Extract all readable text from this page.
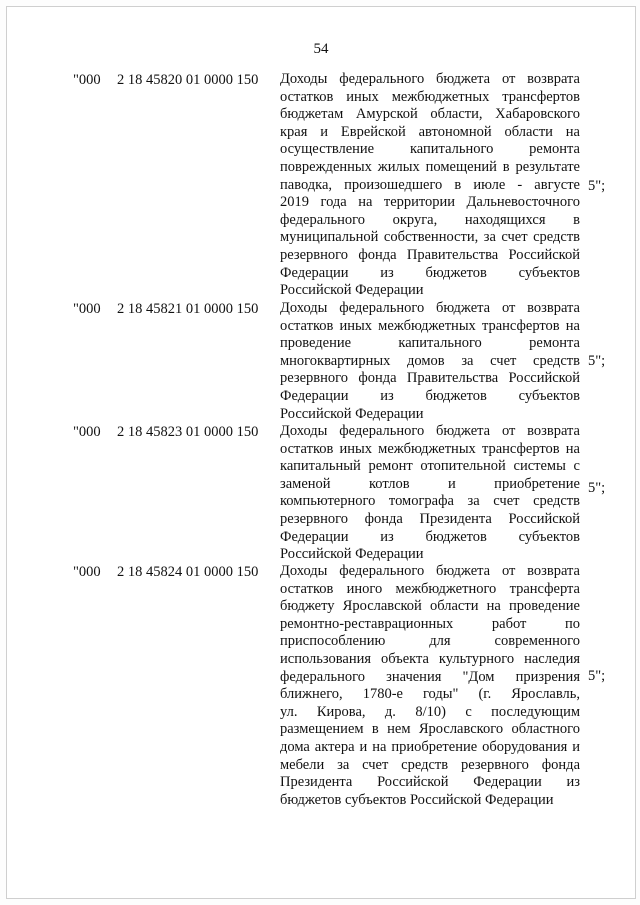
54
"000	2 18 45820 01 0000 150	Доходы федерального бюджета от возврата
остатков иных межбюджетных трансфертов
бюджетам Амурской области, Хабаровского
края и Еврейской автономной области на
осуществление капитального ремонта
поврежденных жилых помещений в результате
паводка, произошедшего в июле - августе
2019 года на территории Дальневосточного
федерального округа, находящихся в
муниципальной собственности, за счет средств
резервного фонда Правительства Российской
Федерации из бюджетов субъектов
Российской Федерации
5";
"000	2 18 45821 01 0000 150	Доходы федерального бюджета от возврата
остатков иных межбюджетных трансфертов на
проведение капитального ремонта
многоквартирных домов за счет средств
резервного фонда Правительства Российской
Федерации из бюджетов субъектов
Российской Федерации
5";
"000	2 18 45823 01 0000 150	Доходы федерального бюджета от возврата
остатков иных межбюджетных трансфертов на
капитальный ремонт отопительной системы с
заменой котлов и приобретение
компьютерного томографа за счет средств
резервного фонда Президента Российской
Федерации из бюджетов субъектов
Российской Федерации
5";
"000	2 18 45824 01 0000 150	Доходы федерального бюджета от возврата
остатков иного межбюджетного трансферта
бюджету Ярославской области на проведение
ремонтно-реставрационных работ по
приспособлению для современного
использования объекта культурного наследия
федерального значения "Дом призрения
ближнего, 1780-е годы" (г. Ярославль,
ул. Кирова, д. 8/10) с последующим
размещением в нем Ярославского областного
дома актера и на приобретение оборудования и
мебели за счет средств резервного фонда
Президента Российской Федерации из
бюджетов субъектов Российской Федерации
5";
